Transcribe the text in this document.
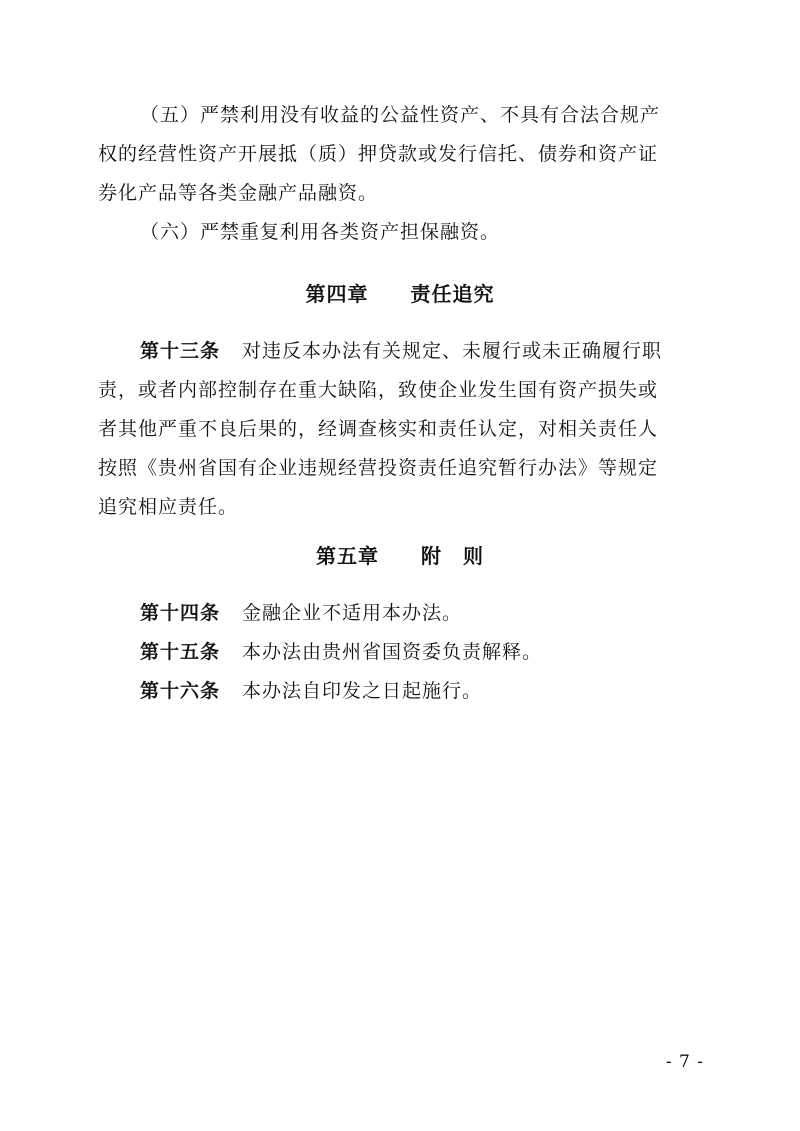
（五）严禁利用没有收益的公益性资产、不具有合法合规产
权的经营性资产开展抵（质）押贷款或发行信托、债券和资产证
券化产品等各类金融产品融资。
（六）严禁重复利用各类资产担保融资。
第四章　　责任追究
第十三条 对违反本办法有关规定、未履行或未正确履行职
责，或者内部控制存在重大缺陷，致使企业发生国有资产损失或
者其他严重不良后果的，经调查核实和责任认定，对相关责任人
按照《贵州省国有企业违规经营投资责任追究暂行办法》等规定
追究相应责任。
第五章　　附　则
第十四条 金融企业不适用本办法。
第十五条 本办法由贵州省国资委负责解释。
第十六条 本办法自印发之日起施行。
- 7 -
